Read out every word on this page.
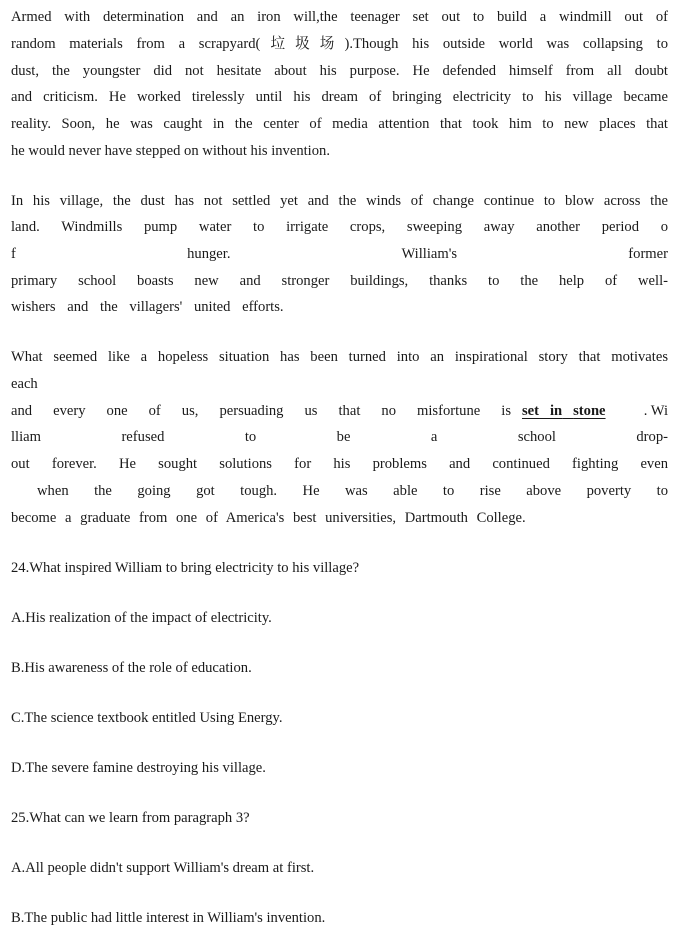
Armed with determination and an iron will,the teenager set out to build a windmill out of
random materials from a scrapyard(垃圾场).Though his outside world was collapsing to
dust, the youngster did not hesitate about his purpose. He defended himself from all doubt
and criticism. He worked tirelessly until his dream of bringing electricity to his village became
reality. Soon, he was caught in the center of media attention that took him to new places that
he would never have stepped on without his invention.
In his village, the dust has not settled yet and the winds of change continue to blow across the
land. Windmills pump water to irrigate crops, sweeping away another period o
f hunger. William's former
primary school boasts new and stronger buildings, thanks to the help of well-
wishers and the villagers' united efforts.
What seemed like a hopeless situation has been turned into an inspirational story that motivates
each
and every one of us, persuading us that no misfortune is set in stone	. Wi
lliam refused to be a school drop-
out forever. He sought solutions for his problems and continued fighting even
when the going got tough. He was able to rise above poverty to
become a graduate from one of America's best universities, Dartmouth College.
24.What inspired William to bring electricity to his village?
A.His realization of the impact of electricity.
B.His awareness of the role of education.
C.The science textbook entitled Using Energy.
D.The severe famine destroying his village.
25.What can we learn from paragraph 3?
A.All people didn't support William's dream at first.
B.The public had little interest in William's invention.
